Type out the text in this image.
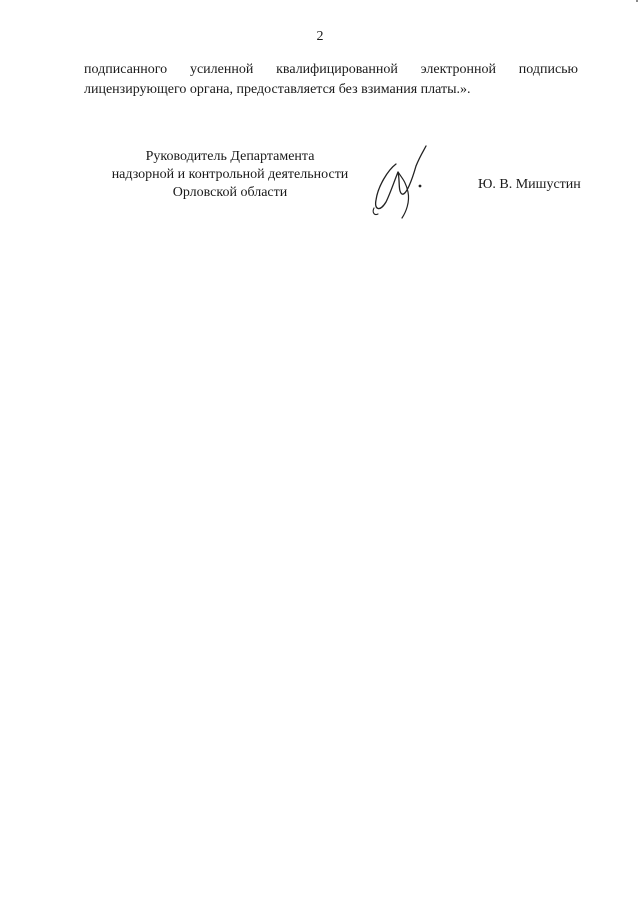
2
подписанного усиленной квалифицированной электронной подписью
лицензирующего органа, предоставляется без взимания платы.».
Руководитель Департамента
надзорной и контрольной деятельности
Орловской области
Ю. В. Мишустин
